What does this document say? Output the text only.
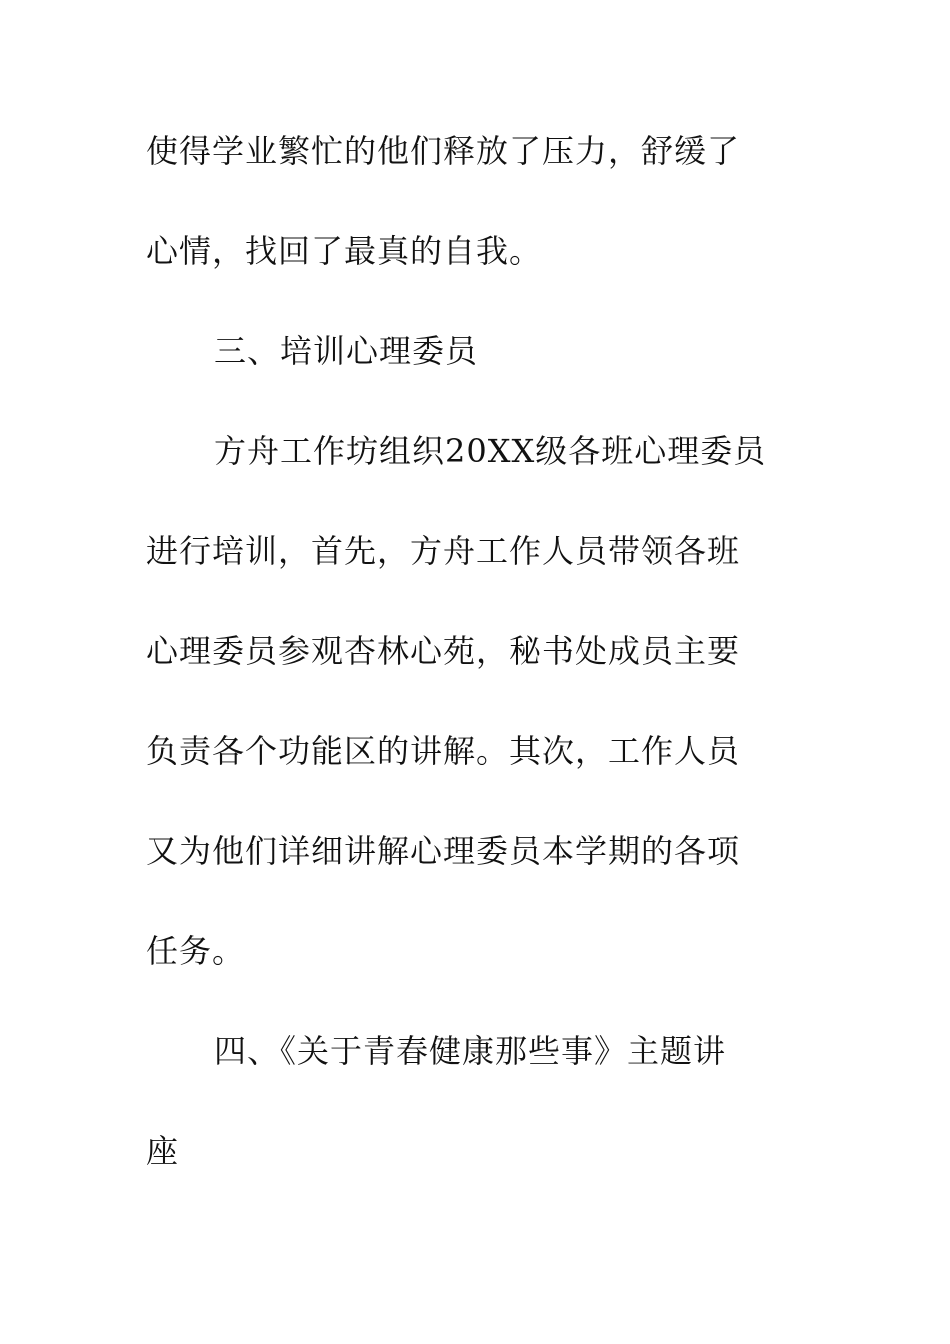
使得学业繁忙的他们释放了压力，舒缓了
心情，找回了最真的自我。
三、培训心理委员
方舟工作坊组织20XX级各班心理委员
进行培训，首先，方舟工作人员带领各班
心理委员参观杏林心苑，秘书处成员主要
负责各个功能区的讲解。其次，工作人员
又为他们详细讲解心理委员本学期的各项
任务。
四、《关于青春健康那些事》主题讲
座
